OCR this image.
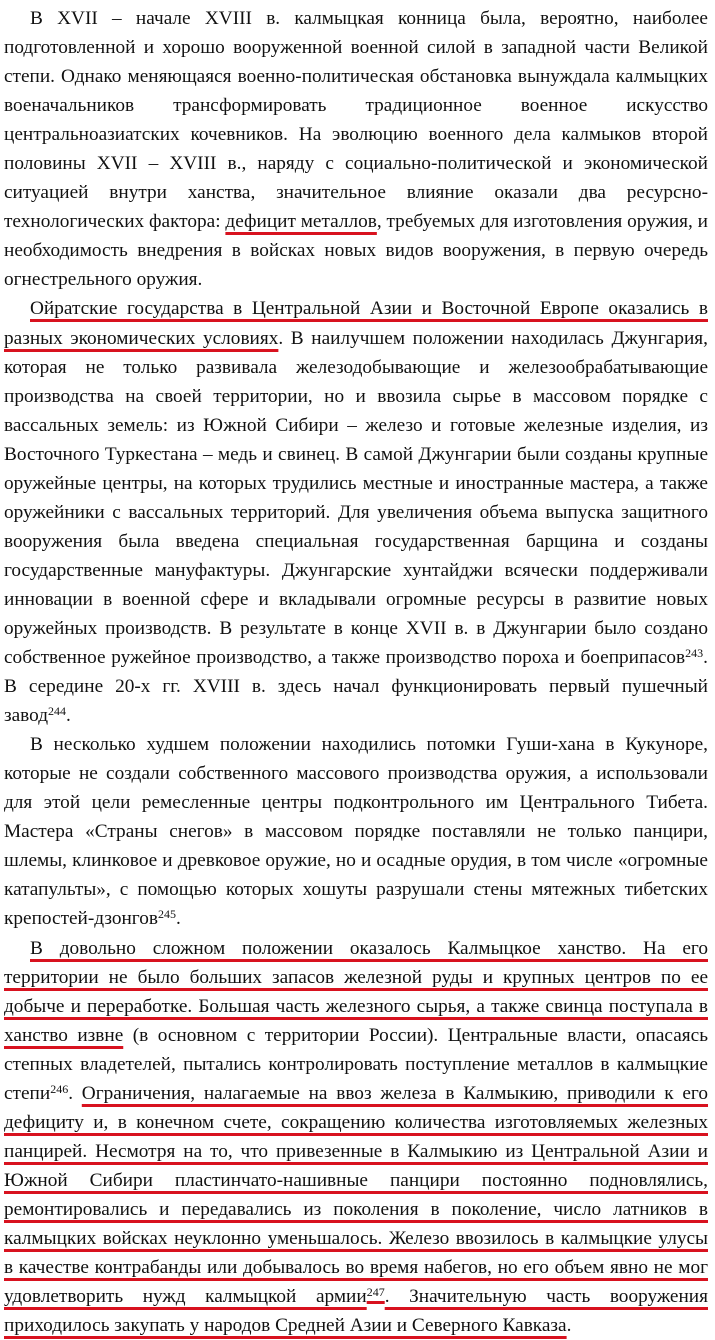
В XVII – начале XVIII в. калмыцкая конница была, вероятно, наиболее подготовленной и хорошо вооруженной военной силой в западной части Великой степи. Однако меняющаяся военно-политическая обстановка вынуждала калмыцких военачальников трансформировать традиционное военное искусство центральноазиатских кочевников. На эволюцию военного дела калмыков второй половины XVII – XVIII в., наряду с социально-политической и экономической ситуацией внутри ханства, значительное влияние оказали два ресурсно-технологических фактора: дефицит металлов, требуемых для изготовления оружия, и необходимость внедрения в войсках новых видов вооружения, в первую очередь огнестрельного оружия.

Ойратские государства в Центральной Азии и Восточной Европе оказались в разных экономических условиях. В наилучшем положении находилась Джунгария, которая не только развивала железодобывающие и железообрабатывающие производства на своей территории, но и ввозила сырье в массовом порядке с вассальных земель: из Южной Сибири – железо и готовые железные изделия, из Восточного Туркестана – медь и свинец. В самой Джунгарии были созданы крупные оружейные центры, на которых трудились местные и иностранные мастера, а также оружейники с вассальных территорий. Для увеличения объема выпуска защитного вооружения была введена специальная государственная барщина и созданы государственные мануфактуры. Джунгарские хунтайджи всячески поддерживали инновации в военной сфере и вкладывали огромные ресурсы в развитие новых оружейных производств. В результате в конце XVII в. в Джунгарии было создано собственное ружейное производство, а также производство пороха и боеприпасов$^{243}$. В середине 20-х гг. XVIII в. здесь начал функционировать первый пушечный завод$^{244}$.

В несколько худшем положении находились потомки Гуши-хана в Кукуноре, которые не создали собственного массового производства оружия, а использовали для этой цели ремесленные центры подконтрольного им Центрального Тибета. Мастера «Страны снегов» в массовом порядке поставляли не только панцири, шлемы, клинковое и древковое оружие, но и осадные орудия, в том числе «огромные катапульты», с помощью которых хошуты разрушали стены мятежных тибетских крепостей-дзонгов$^{245}$.

В довольно сложном положении оказалось Калмыцкое ханство. На его территории не было больших запасов железной руды и крупных центров по ее добыче и переработке. Большая часть железного сырья, а также свинца поступала в ханство извне (в основном с территории России). Центральные власти, опасаясь степных владетелей, пытались контролировать поступление металлов в калмыцкие степи$^{246}$. Ограничения, налагаемые на ввоз железа в Калмыкию, приводили к его дефициту и, в конечном счете, сокращению количества изготовляемых железных панцирей. Несмотря на то, что привезенные в Калмыкию из Центральной Азии и Южной Сибири пластинчато-нашивные панцири постоянно подновлялись, ремонтировались и передавались из поколения в поколение, число латников в калмыцких войсках неуклонно уменьшалось. Железо ввозилось в калмыцкие улусы в качестве контрабанды или добывалось во время набегов, но его объем явно не мог удовлетворить нужд калмыцкой армии$^{247}$. Значительную часть вооружения приходилось закупать у народов Средней Азии и Северного Кавказа.
